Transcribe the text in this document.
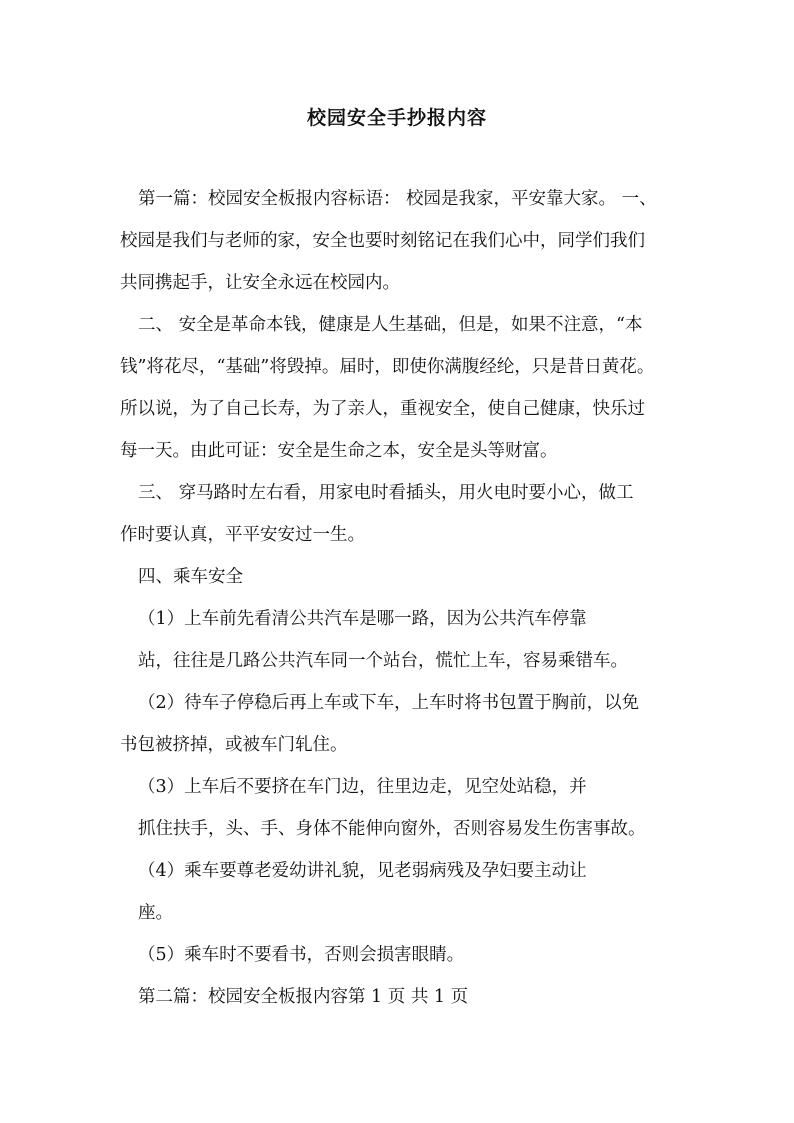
校园安全手抄报内容
第一篇：校园安全板报内容标语： 校园是我家，平安靠大家。 一、
校园是我们与老师的家，安全也要时刻铭记在我们心中，同学们我们
共同携起手，让安全永远在校园内。
二、 安全是革命本钱，健康是人生基础，但是，如果不注意，“本
钱”将花尽，“基础”将毁掉。届时，即使你满腹经纶，只是昔日黄花。
所以说，为了自己长寿，为了亲人，重视安全，使自己健康，快乐过
每一天。由此可证：安全是生命之本，安全是头等财富。
三、 穿马路时左右看，用家电时看插头，用火电时要小心，做工
作时要认真，平平安安过一生。
四、乘车安全
（1）上车前先看清公共汽车是哪一路，因为公共汽车停靠
站，往往是几路公共汽车同一个站台，慌忙上车，容易乘错车。
（2）待车子停稳后再上车或下车，上车时将书包置于胸前，以免
书包被挤掉，或被车门轧住。
（3）上车后不要挤在车门边，往里边走，见空处站稳，并
抓住扶手，头、手、身体不能伸向窗外，否则容易发生伤害事故。
（4）乘车要尊老爱幼讲礼貌，见老弱病残及孕妇要主动让
座。
（5）乘车时不要看书，否则会损害眼睛。
第二篇：校园安全板报内容第 1 页 共 1 页
